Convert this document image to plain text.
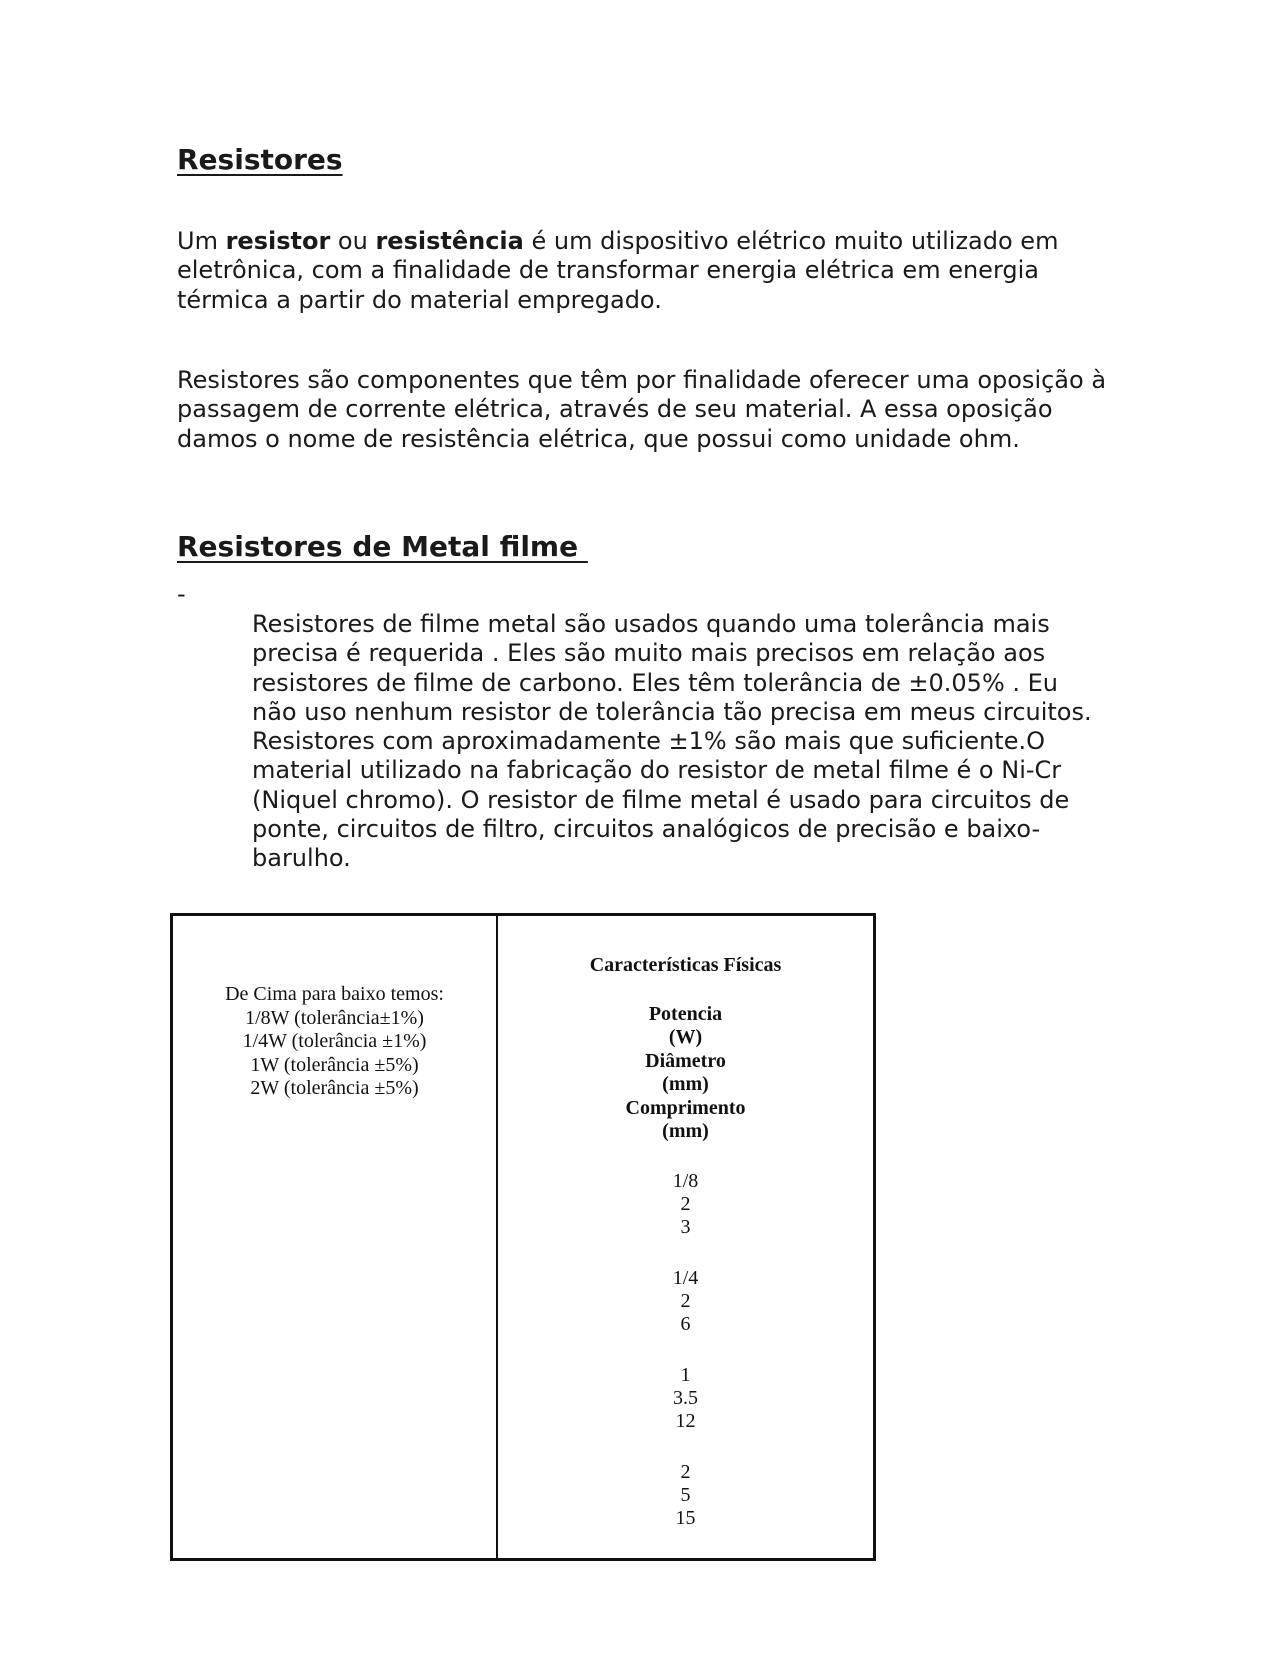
Resistores

Um resistor ou resistência é um dispositivo elétrico muito utilizado em eletrônica, com a finalidade de transformar energia elétrica em energia térmica a partir do material empregado.

Resistores são componentes que têm por finalidade oferecer uma oposição à passagem de corrente elétrica, através de seu material. A essa oposição damos o nome de resistência elétrica, que possui como unidade ohm.

Resistores de Metal filme
-

Resistores de filme metal são usados quando uma tolerância mais precisa é requerida . Eles são muito mais precisos em relação aos resistores de filme de carbono. Eles têm tolerância de ±0.05% . Eu não uso nenhum resistor de tolerância tão precisa em meus circuitos. Resistores com aproximadamente ±1% são mais que suficiente.O material utilizado na fabricação do resistor de metal filme é o Ni-Cr (Niquel chromo). O resistor de filme metal é usado para circuitos de ponte, circuitos de filtro, circuitos analógicos de precisão e baixo-barulho.

De Cima para baixo temos:
1/8W (tolerância±1%)
1/4W (tolerância ±1%)
1W (tolerância ±5%)
2W (tolerância ±5%)
Características Físicas
Potencia
(W)
Diâmetro
(mm)
Comprimento
(mm)
1/8
2
3
1/4
2
6
1
3.5
12
2
5
15
